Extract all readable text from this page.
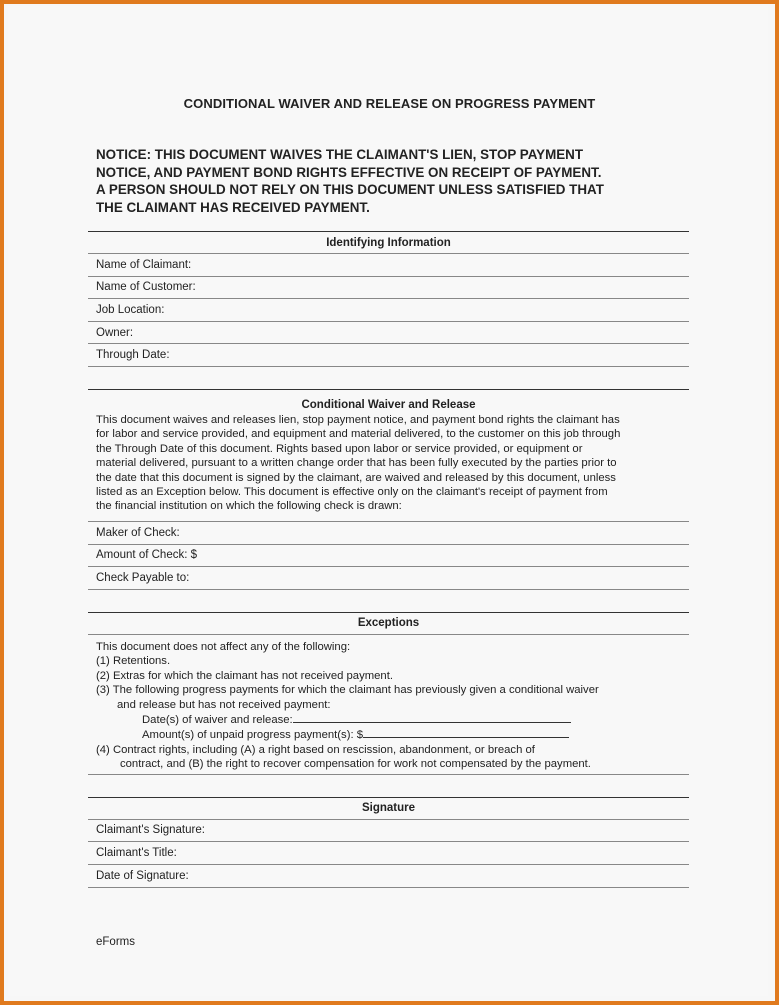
CONDITIONAL WAIVER AND RELEASE ON PROGRESS PAYMENT
NOTICE: THIS DOCUMENT WAIVES THE CLAIMANT'S LIEN, STOP PAYMENT
NOTICE, AND PAYMENT BOND RIGHTS EFFECTIVE ON RECEIPT OF PAYMENT.
A PERSON SHOULD NOT RELY ON THIS DOCUMENT UNLESS SATISFIED THAT
THE CLAIMANT HAS RECEIVED PAYMENT.
Identifying Information
Name of Claimant:
Name of Customer:
Job Location:
Owner:
Through Date:
Conditional Waiver and Release
This document waives and releases lien, stop payment notice, and payment bond rights the claimant has
for labor and service provided, and equipment and material delivered, to the customer on this job through
the Through Date of this document. Rights based upon labor or service provided, or equipment or
material delivered, pursuant to a written change order that has been fully executed by the parties prior to
the date that this document is signed by the claimant, are waived and released by this document, unless
listed as an Exception below. This document is effective only on the claimant's receipt of payment from
the financial institution on which the following check is drawn:
Maker of Check:
Amount of Check: $
Check Payable to:
Exceptions
This document does not affect any of the following:
(1) Retentions.
(2) Extras for which the claimant has not received payment.
(3) The following progress payments for which the claimant has previously given a conditional waiver
and release but has not received payment:
Date(s) of waiver and release:
Amount(s) of unpaid progress payment(s): $
(4) Contract rights, including (A) a right based on rescission, abandonment, or breach of
contract, and (B) the right to recover compensation for work not compensated by the payment.
Signature
Claimant's Signature:
Claimant's Title:
Date of Signature:
eForms
